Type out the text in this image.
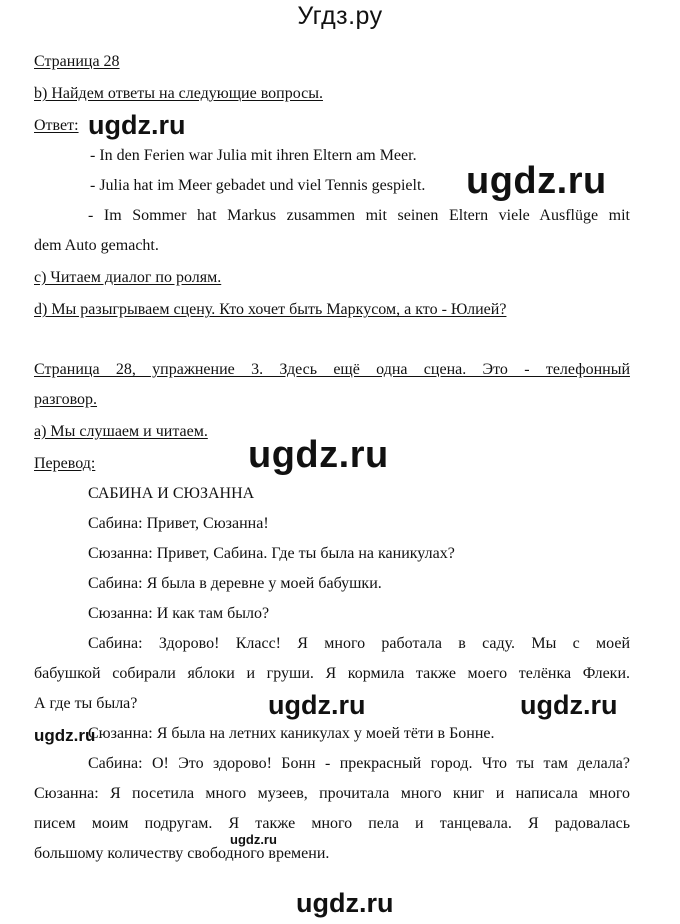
Угдз.ру
Страница 28
b) Найдем ответы на следующие вопросы.
Ответ:
- In den Ferien war Julia mit ihren Eltern am Meer.
- Julia hat im Meer gebadet und viel Tennis gespielt.
- Im Sommer hat Markus zusammen mit seinen Eltern viele Ausflüge mit
dem Auto gemacht.
c) Читаем диалог по ролям.
d) Мы разыгрываем сцену. Кто хочет быть Маркусом, а кто - Юлией?
Страница 28, упражнение 3. Здесь ещё одна сцена. Это - телефонный
разговор.
а) Мы слушаем и читаем.
Перевод:
САБИНА И СЮЗАННА
Сабина: Привет, Сюзанна!
Сюзанна: Привет, Сабина. Где ты была на каникулах?
Сабина: Я была в деревне у моей бабушки.
Сюзанна: И как там было?
Сабина: Здорово! Класс! Я много работала в саду. Мы с моей
бабушкой собирали яблоки и груши. Я кормила также моего телёнка Флеки.
А где ты была?
Сюзанна: Я была на летних каникулах у моей тёти в Бонне.
Сабина: О! Это здорово! Бонн - прекрасный город. Что ты там делала?
Сюзанна: Я посетила много музеев, прочитала много книг и написала много
писем моим подругам. Я также много пела и танцевала. Я радовалась
большому количеству свободного времени.
ugdz.ru
ugdz.ru
ugdz.ru
ugdz.ru	ugdz.ru
ugdz.ru
ugdz.ru
ugdz.ru
